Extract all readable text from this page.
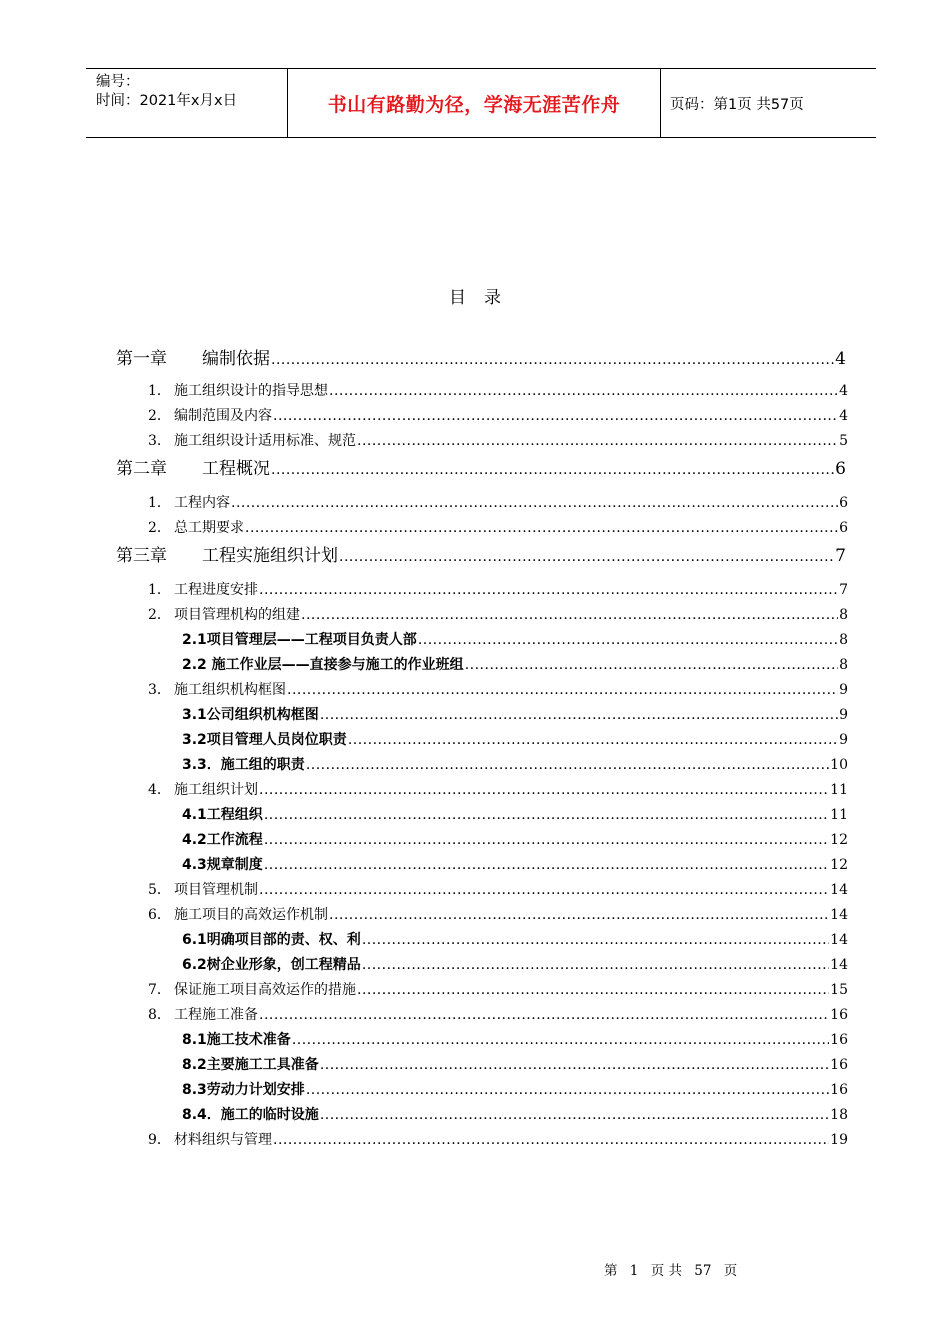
编号：
时间：2021年x月x日	书山有路勤为径，学海无涯苦作舟	页码：第1页 共57页
目录
第一章	编制依据 .....	4
1． 施工组织设计的指导思想 .....	4
2． 编制范围及内容 .....	4
3． 施工组织设计适用标准、规范 .....	5
第二章	工程概况 .....	6
1． 工程内容 .....	6
2． 总工期要求 .....	6
第三章	工程实施组织计划 .....	7
1． 工程进度安排 .....	7
2． 项目管理机构的组建 .....	8
2.1项目管理层——工程项目负责人部 .....	8
2.2 施工作业层——直接参与施工的作业班组 .....	8
3． 施工组织机构框图 .....	9
3.1公司组织机构框图 .....	9
3.2项目管理人员岗位职责 .....	9
3.3．施工组的职责 .....	10
4． 施工组织计划 .....	11
4.1工程组织 .....	11
4.2工作流程 .....	12
4.3规章制度 .....	12
5． 项目管理机制 .....	14
6． 施工项目的高效运作机制 .....	14
6.1明确项目部的责、权、利 .....	14
6.2树企业形象，创工程精品 .....	14
7． 保证施工项目高效运作的措施 .....	15
8． 工程施工准备 .....	16
8.1施工技术准备 .....	16
8.2主要施工工具准备 .....	16
8.3劳动力计划安排 .....	16
8.4．施工的临时设施 .....	18
9． 材料组织与管理 .....	19
第 1 页 共 57 页
